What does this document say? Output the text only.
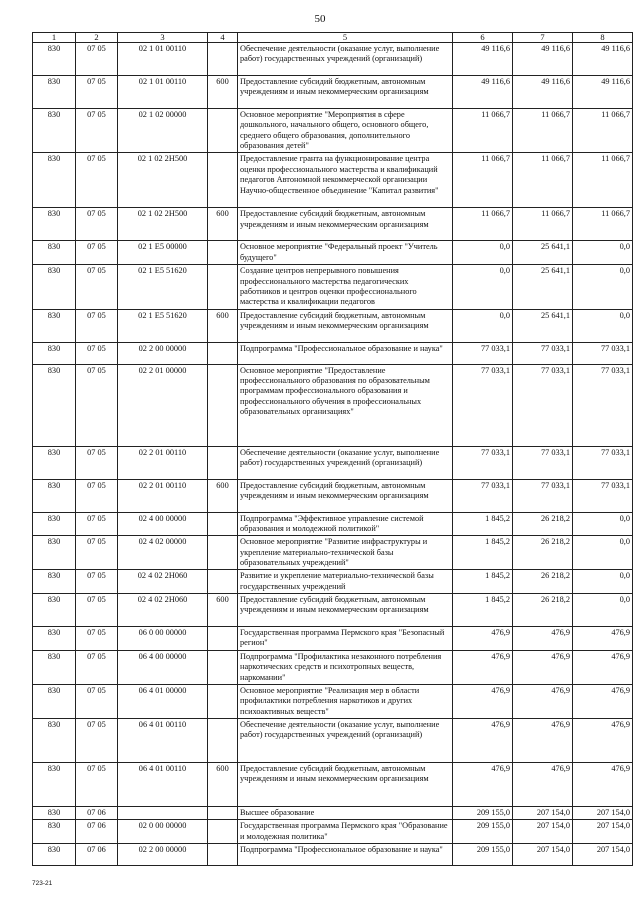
50
1	2	3	4	5	6	7	8
830	07 05	02 1 01 00110		Обеспечение деятельности (оказание услуг, выполнение работ) государственных учреждений (организаций)	49 116,6	49 116,6	49 116,6
830	07 05	02 1 01 00110	600	Предоставление субсидий бюджетным, автономным учреждениям и иным некоммерческим организациям	49 116,6	49 116,6	49 116,6
830	07 05	02 1 02 00000		Основное мероприятие "Мероприятия в сфере дошкольного, начального общего, основного общего, среднего общего образования, дополнительного образования детей"	11 066,7	11 066,7	11 066,7
830	07 05	02 1 02 2Н500		Предоставление гранта на функционирование центра оценки профессионального мастерства и квалификаций педагогов Автономной некоммерческой организации Научно-общественное объединение "Капитал развития"	11 066,7	11 066,7	11 066,7
830	07 05	02 1 02 2Н500	600	Предоставление субсидий бюджетным, автономным учреждениям и иным некоммерческим организациям	11 066,7	11 066,7	11 066,7
830	07 05	02 1 Е5 00000		Основное мероприятие "Федеральный проект "Учитель будущего"	0,0	25 641,1	0,0
830	07 05	02 1 Е5 51620		Создание центров непрерывного повышения профессионального мастерства педагогических работников и центров оценки профессионального мастерства и квалификации педагогов	0,0	25 641,1	0,0
830	07 05	02 1 Е5 51620	600	Предоставление субсидий бюджетным, автономным учреждениям и иным некоммерческим организациям	0,0	25 641,1	0,0
830	07 05	02 2 00 00000		Подпрограмма "Профессиональное образование и наука"	77 033,1	77 033,1	77 033,1
830	07 05	02 2 01 00000		Основное мероприятие "Предоставление профессионального образования по образовательным программам профессионального образования и профессионального обучения в профессиональных образовательных организациях"	77 033,1	77 033,1	77 033,1
830	07 05	02 2 01 00110		Обеспечение деятельности (оказание услуг, выполнение работ) государственных учреждений (организаций)	77 033,1	77 033,1	77 033,1
830	07 05	02 2 01 00110	600	Предоставление субсидий бюджетным, автономным учреждениям и иным некоммерческим организациям	77 033,1	77 033,1	77 033,1
830	07 05	02 4 00 00000		Подпрограмма "Эффективное управление системой образования и молодежной политикой"	1 845,2	26 218,2	0,0
830	07 05	02 4 02 00000		Основное мероприятие "Развитие инфраструктуры и укрепление материально-технической базы образовательных учреждений"	1 845,2	26 218,2	0,0
830	07 05	02 4 02 2Н060		Развитие и укрепление материально-технической базы государственных учреждений	1 845,2	26 218,2	0,0
830	07 05	02 4 02 2Н060	600	Предоставление субсидий бюджетным, автономным учреждениям и иным некоммерческим организациям	1 845,2	26 218,2	0,0
830	07 05	06 0 00 00000		Государственная программа Пермского края "Безопасный регион"	476,9	476,9	476,9
830	07 05	06 4 00 00000		Подпрограмма "Профилактика незаконного потребления наркотических средств и психотропных веществ, наркомании"	476,9	476,9	476,9
830	07 05	06 4 01 00000		Основное мероприятие "Реализация мер в области профилактики потребления наркотиков и других психоактивных веществ"	476,9	476,9	476,9
830	07 05	06 4 01 00110		Обеспечение деятельности (оказание услуг, выполнение работ) государственных учреждений (организаций)	476,9	476,9	476,9
830	07 05	06 4 01 00110	600	Предоставление субсидий бюджетным, автономным учреждениям и иным некоммерческим организациям	476,9	476,9	476,9
830	07 06			Высшее образование	209 155,0	207 154,0	207 154,0
830	07 06	02 0 00 00000		Государственная программа Пермского края "Образование и молодежная политика"	209 155,0	207 154,0	207 154,0
830	07 06	02 2 00 00000		Подпрограмма "Профессиональное образование и наука"	209 155,0	207 154,0	207 154,0
723-21
